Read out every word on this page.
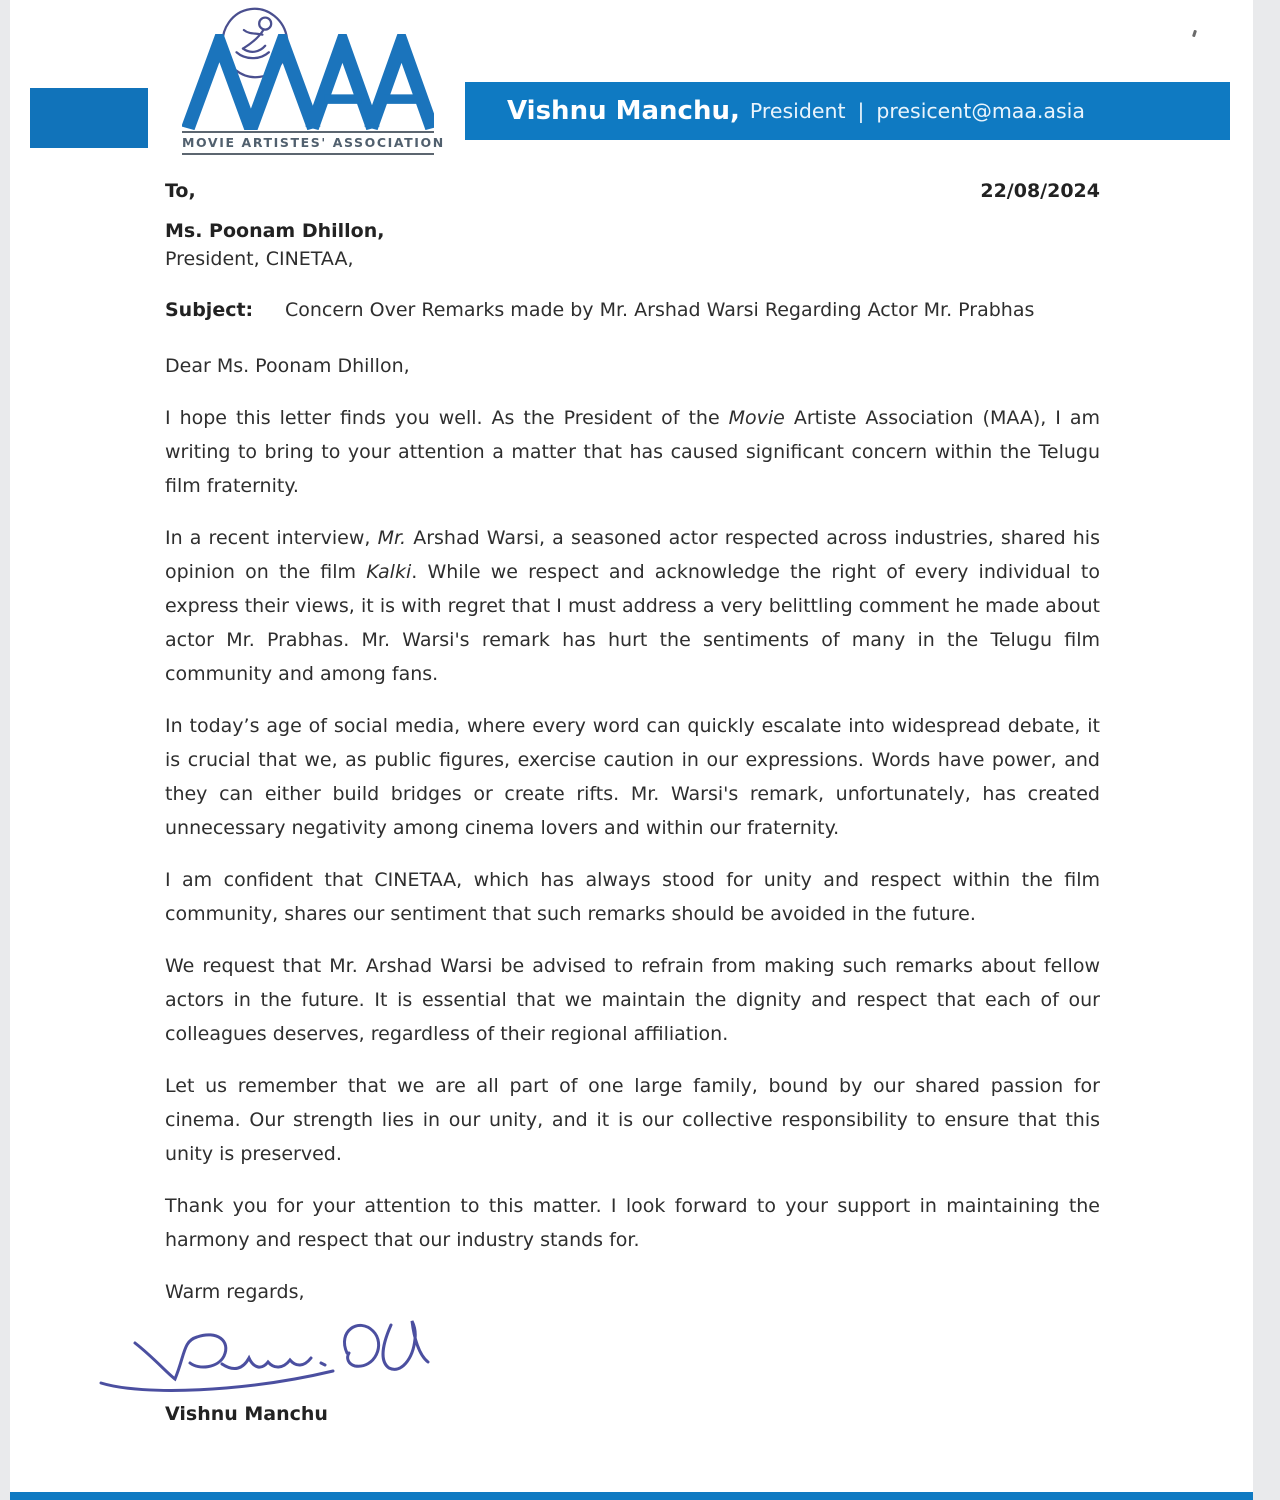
MOVIE ARTISTES' ASSOCIATION
Vishnu Manchu, President | presicent@maa.asia
To,	22/08/2024
Ms. Poonam Dhillon,
President, CINETAA,
Subject:	Concern Over Remarks made by Mr. Arshad Warsi Regarding Actor Mr. Prabhas
Dear Ms. Poonam Dhillon,

I hope this letter finds you well. As the President of the Movie Artiste Association (MAA), I am writing to bring to your attention a matter that has caused significant concern within the Telugu film fraternity.

In a recent interview, Mr. Arshad Warsi, a seasoned actor respected across industries, shared his opinion on the film Kalki. While we respect and acknowledge the right of every individual to express their views, it is with regret that I must address a very belittling comment he made about actor Mr. Prabhas. Mr. Warsi's remark has hurt the sentiments of many in the Telugu film community and among fans.

In today’s age of social media, where every word can quickly escalate into widespread debate, it is crucial that we, as public figures, exercise caution in our expressions. Words have power, and they can either build bridges or create rifts. Mr. Warsi's remark, unfortunately, has created unnecessary negativity among cinema lovers and within our fraternity.

I am confident that CINETAA, which has always stood for unity and respect within the film community, shares our sentiment that such remarks should be avoided in the future.

We request that Mr. Arshad Warsi be advised to refrain from making such remarks about fellow actors in the future. It is essential that we maintain the dignity and respect that each of our colleagues deserves, regardless of their regional affiliation.

Let us remember that we are all part of one large family, bound by our shared passion for cinema. Our strength lies in our unity, and it is our collective responsibility to ensure that this unity is preserved.

Thank you for your attention to this matter. I look forward to your support in maintaining the harmony and respect that our industry stands for.

Warm regards,
Vishnu Manchu
